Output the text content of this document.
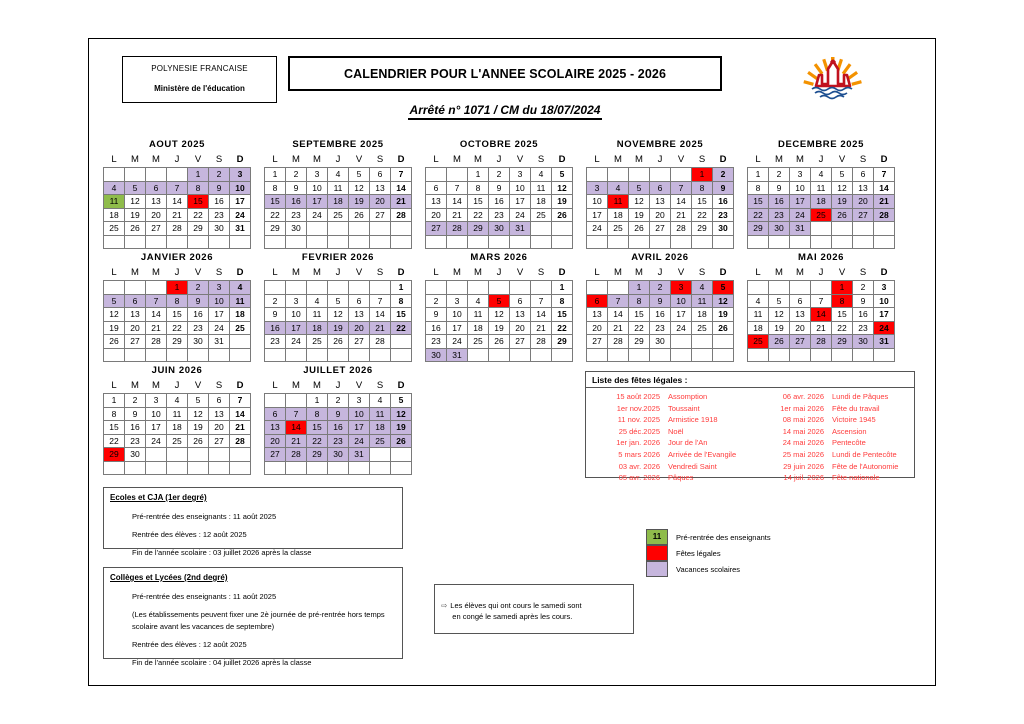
POLYNESIE FRANCAISE
Ministère de l'éducation
CALENDRIER POUR L'ANNEE SCOLAIRE 2025 - 2026
Arrêté n° 1071 / CM du 18/07/2024
AOUT 2025
L	M	M	J	V	S	D
				1	2	3
4	5	6	7	8	9	10
11	12	13	14	15	16	17
18	19	20	21	22	23	24
25	26	27	28	29	30	31

SEPTEMBRE 2025
L	M	M	J	V	S	D
1	2	3	4	5	6	7
8	9	10	11	12	13	14
15	16	17	18	19	20	21
22	23	24	25	26	27	28
29	30					

OCTOBRE 2025
L	M	M	J	V	S	D
		1	2	3	4	5
6	7	8	9	10	11	12
13	14	15	16	17	18	19
20	21	22	23	24	25	26
27	28	29	30	31		

NOVEMBRE 2025
L	M	M	J	V	S	D
					1	2
3	4	5	6	7	8	9
10	11	12	13	14	15	16
17	18	19	20	21	22	23
24	25	26	27	28	29	30

DECEMBRE 2025
L	M	M	J	V	S	D
1	2	3	4	5	6	7
8	9	10	11	12	13	14
15	16	17	18	19	20	21
22	23	24	25	26	27	28
29	30	31				

JANVIER 2026
L	M	M	J	V	S	D
			1	2	3	4
5	6	7	8	9	10	11
12	13	14	15	16	17	18
19	20	21	22	23	24	25
26	27	28	29	30	31	

FEVRIER 2026
L	M	M	J	V	S	D
						1
2	3	4	5	6	7	8
9	10	11	12	13	14	15
16	17	18	19	20	21	22
23	24	25	26	27	28	

MARS 2026
L	M	M	J	V	S	D
						1
2	3	4	5	6	7	8
9	10	11	12	13	14	15
16	17	18	19	20	21	22
23	24	25	26	27	28	29
30	31					
AVRIL 2026
L	M	M	J	V	S	D
		1	2	3	4	5
6	7	8	9	10	11	12
13	14	15	16	17	18	19
20	21	22	23	24	25	26
27	28	29	30			

MAI 2026
L	M	M	J	V	S	D
				1	2	3
4	5	6	7	8	9	10
11	12	13	14	15	16	17
18	19	20	21	22	23	24
25	26	27	28	29	30	31

JUIN 2026
L	M	M	J	V	S	D
1	2	3	4	5	6	7
8	9	10	11	12	13	14
15	16	17	18	19	20	21
22	23	24	25	26	27	28
29	30					

JUILLET 2026
L	M	M	J	V	S	D
		1	2	3	4	5
6	7	8	9	10	11	12
13	14	15	16	17	18	19
20	21	22	23	24	25	26
27	28	29	30	31		

Liste des fêtes légales :
15 août 2025	Assomption
1er nov.2025	Toussaint
11 nov. 2025	Armistice 1918
25 déc.2025	Noël
1er jan. 2026	Jour de l'An
5 mars 2026	Arrivée de l'Evangile
03 avr. 2026	Vendredi Saint
05 avr. 2026	Pâques
06 avr. 2026	Lundi de Pâques
1er mai 2026	Fête du travail
08 mai 2026	Victoire 1945
14 mai 2026	Ascension
24 mai 2026	Pentecôte
25 mai 2026	Lundi de Pentecôte
29 juin 2026	Fête de l'Autonomie
14 juil. 2026	Fête nationale
Ecoles et CJA (1er degré)
Pré-rentrée des enseignants : 11 août 2025
Rentrée des élèves : 12 août 2025
Fin de l'année scolaire : 03 juillet 2026 après la classe
Collèges et Lycées (2nd degré)
Pré-rentrée des enseignants : 11 août 2025
(Les établissements peuvent fixer une 2è journée de pré-rentrée hors temps scolaire avant les vacances de septembre)
Rentrée des élèves : 12 août 2025
Fin de l'année scolaire : 04 juillet 2026 après la classe
⇨ Les élèves qui ont cours le samedi sont
en congé le samedi après les cours.
11	Pré-rentrée des enseignants
Fêtes légales
Vacances scolaires
